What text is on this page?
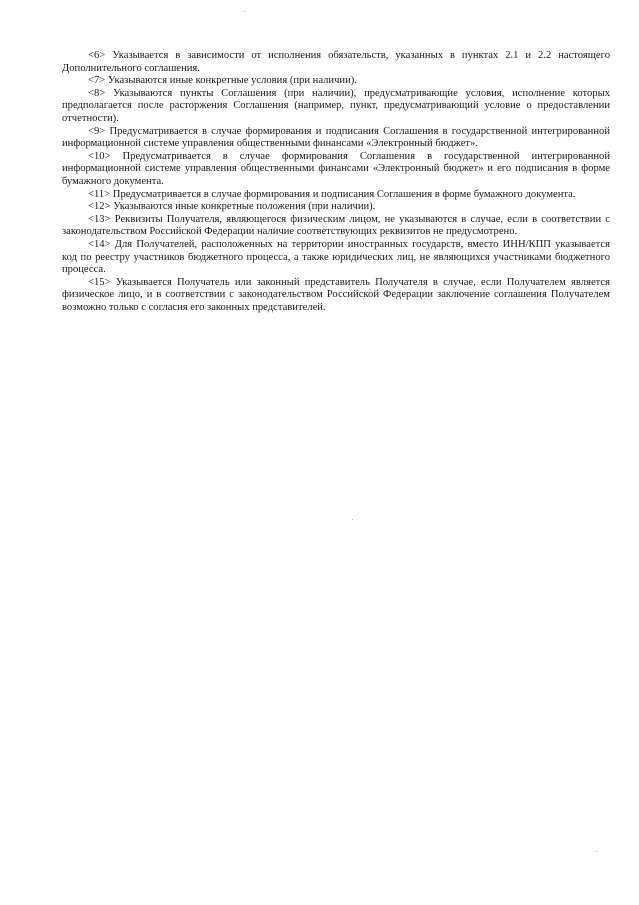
<6> Указывается в зависимости от исполнения обязательств, указанных в пунктах 2.1 и 2.2 настоящего Дополнительного соглашения.

<7> Указываются иные конкретные условия (при наличии).

<8> Указываются пункты Соглашения (при наличии), предусматривающие условия, исполнение которых предполагается после расторжения Соглашения (например, пункт, предусматривающий условие о предоставлении отчетности).

<9> Предусматривается в случае формирования и подписания Соглашения в государственной интегрированной информационной системе управления общественными финансами «Электронный бюджет».

<10> Предусматривается в случае формирования Соглашения в государственной интегрированной информационной системе управления общественными финансами «Электронный бюджет» и его подписания в форме бумажного документа.

<11> Предусматривается в случае формирования и подписания Соглашения в форме бумажного документа.

<12> Указываются иные конкретные положения (при наличии).

<13> Реквизиты Получателя, являющегося физическим лицом, не указываются в случае, если в соответствии с законодательством Российской Федерации наличие соответствующих реквизитов не предусмотрено.

<14> Для Получателей, расположенных на территории иностранных государств, вместо ИНН/КПП указывается код по реестру участников бюджетного процесса, а также юридических лиц, не являющихся участниками бюджетного процесса.

<15> Указывается Получатель или законный представитель Получателя в случае, если Получателем является физическое лицо, и в соответствии с законодательством Российской Федерации заключение соглашения Получателем возможно только с согласия его законных представителей.
